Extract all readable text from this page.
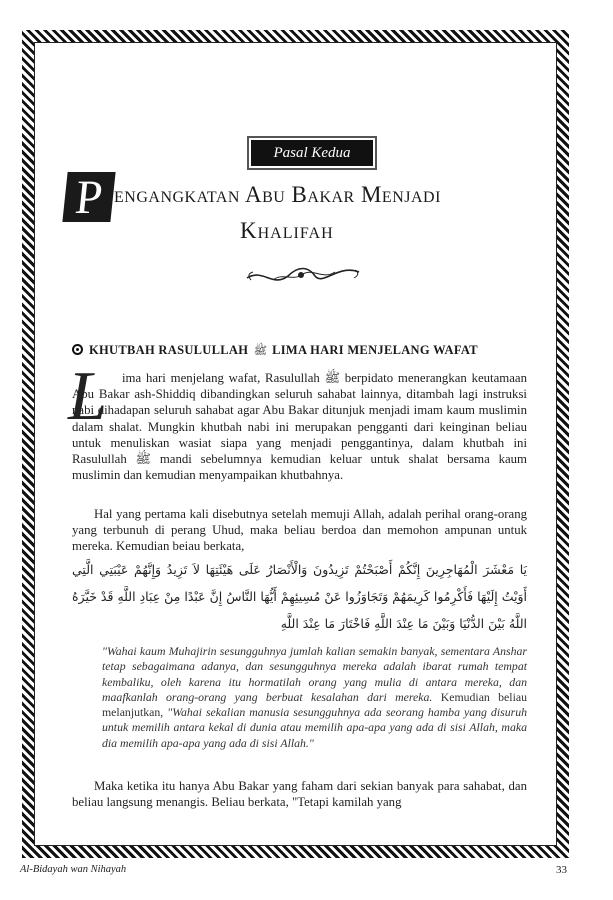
Pasal Kedua
P engangkatan Abu Bakar Menjadi
Khalifah
KHUTBAH RASULULLAH ﷺ LIMA HARI MENJELANG WAFAT
L	ima hari menjelang wafat, Rasulullah ﷺ berpidato menerangkan keutamaan Abu Bakar ash-Shiddiq dibandingkan seluruh sahabat lainnya, ditambah lagi instruksi nabi dihadapan seluruh sahabat agar Abu Bakar ditunjuk menjadi imam kaum muslimin dalam shalat. Mungkin khutbah nabi ini merupakan pengganti dari keinginan beliau untuk menuliskan wasiat siapa yang menjadi penggantinya, dalam khutbah ini Rasulullah ﷺ mandi sebelumnya kemudian keluar untuk shalat bersama kaum muslimin dan kemudian menyampaikan khutbahnya.
Hal yang pertama kali disebutnya setelah memuji Allah, adalah perihal orang-orang yang terbunuh di perang Uhud, maka beliau berdoa dan memohon ampunan untuk mereka. Kemudian beiau berkata,
يَا مَعْشَرَ الْمُهَاجِرِينَ إِنَّكُمْ أَصْبَحْتُمْ تَزِيدُونَ وَالْأَنْصَارُ عَلَى هَيْئَتِهَا لاَ تَزِيدُ وَإِنَّهُمْ عَيْبَتِي الَّتِي أَوَيْتُ إِلَيْهَا فَأَكْرِمُوا كَرِيمَهُمْ وَتَجَاوَزُوا عَنْ مُسِيئِهِمْ أَيُّهَا النَّاسُ إِنَّ عَبْدًا مِنْ عِبَادِ اللَّهِ قَدْ خَيَّرَهُ اللَّهُ بَيْنَ الدُّنْيَا وَبَيْنَ مَا عِنْدَ اللَّهِ فَاخْتَارَ مَا عِنْدَ اللَّهِ
"Wahai kaum Muhajirin sesungguhnya jumlah kalian semakin banyak, sementara Anshar tetap sebagaimana adanya, dan sesungguhnya mereka adalah ibarat rumah tempat kembaliku, oleh karena itu hormatilah orang yang mulia di antara mereka, dan maafkanlah orang-orang yang berbuat kesalahan dari mereka. Kemudian beliau melanjutkan, "Wahai sekalian manusia sesungguhnya ada seorang hamba yang disuruh untuk memilih antara kekal di dunia atau memilih apa-apa yang ada di sisi Allah, maka dia memilih apa-apa yang ada di sisi Allah."
Maka ketika itu hanya Abu Bakar yang faham dari sekian banyak para sahabat, dan beliau langsung menangis. Beliau berkata, "Tetapi kamilah yang
Al-Bidayah wan Nihayah	33
